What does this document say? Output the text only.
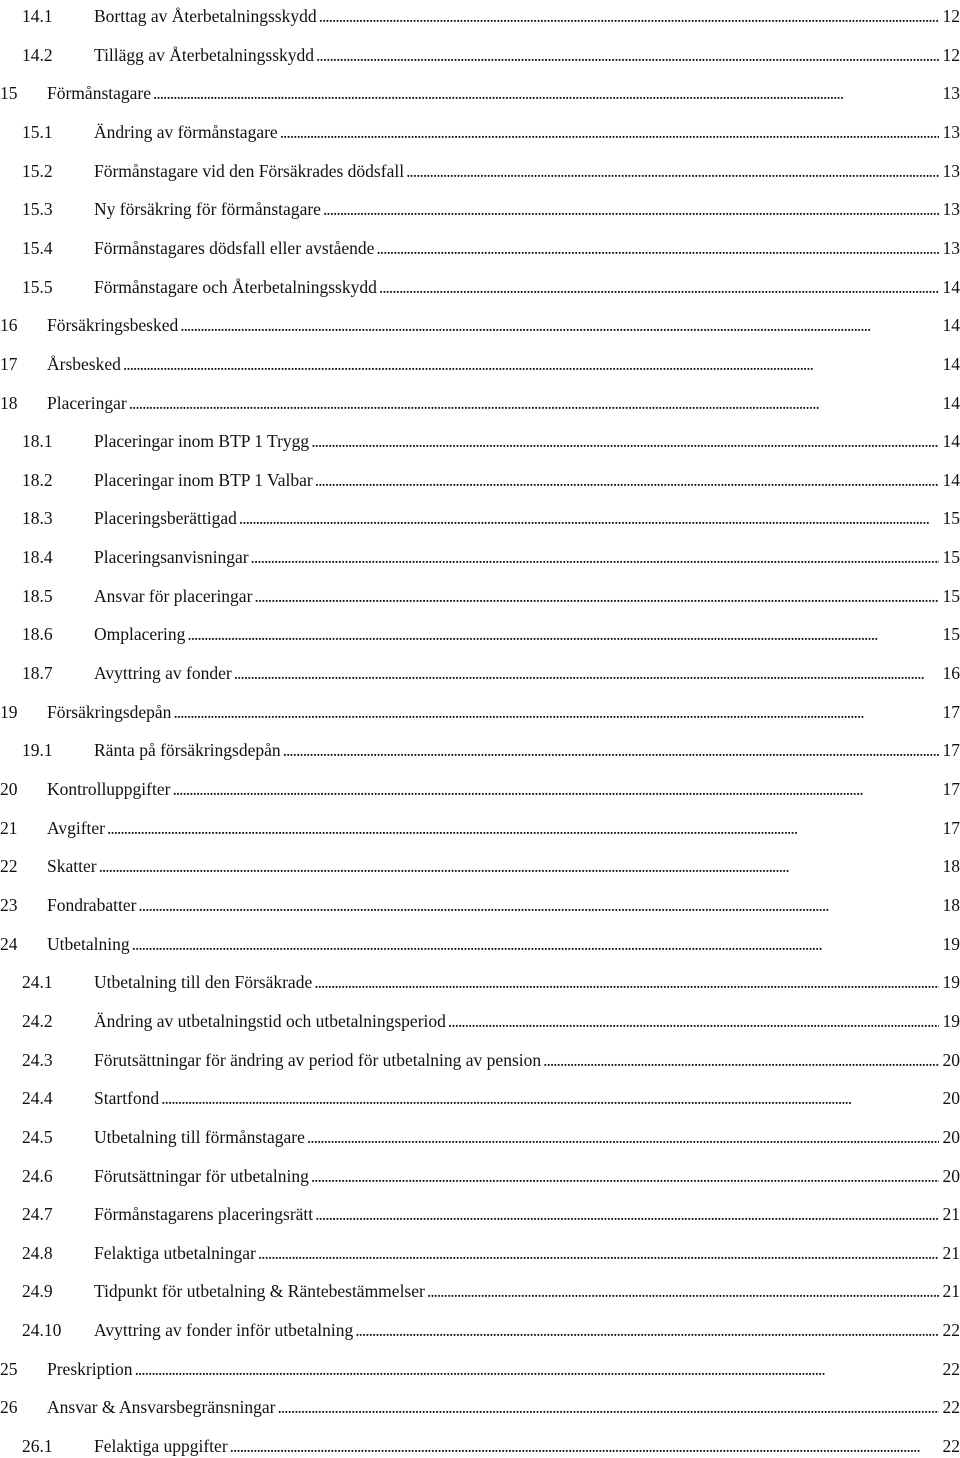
14.1 Borttag av Återbetalningsskydd . . .	12
14.2 Tillägg av Återbetalningsskydd . . .	12
15 Förmånstagare . . .	13
15.1 Ändring av förmånstagare . . .	13
15.2 Förmånstagare vid den Försäkrades dödsfall . . .	13
15.3 Ny försäkring för förmånstagare . . .	13
15.4 Förmånstagares dödsfall eller avstående . . .	13
15.5 Förmånstagare och Återbetalningsskydd . . .	14
16 Försäkringsbesked . . .	14
17 Årsbesked . . .	14
18 Placeringar . . .	14
18.1 Placeringar inom BTP 1 Trygg . . .	14
18.2 Placeringar inom BTP 1 Valbar . . .	14
18.3 Placeringsberättigad . . .	15
18.4 Placeringsanvisningar . . .	15
18.5 Ansvar för placeringar . . .	15
18.6 Omplacering . . .	15
18.7 Avyttring av fonder . . .	16
19 Försäkringsdepån . . .	17
19.1 Ränta på försäkringsdepån . . .	17
20 Kontrolluppgifter . . .	17
21 Avgifter . . .	17
22 Skatter . . .	18
23 Fondrabatter . . .	18
24 Utbetalning . . .	19
24.1 Utbetalning till den Försäkrade . . .	19
24.2 Ändring av utbetalningstid och utbetalningsperiod . . .	19
24.3 Förutsättningar för ändring av period för utbetalning av pension . . .	20
24.4 Startfond . . .	20
24.5 Utbetalning till förmånstagare . . .	20
24.6 Förutsättningar för utbetalning . . .	20
24.7 Förmånstagarens placeringsrätt . . .	21
24.8 Felaktiga utbetalningar . . .	21
24.9 Tidpunkt för utbetalning & Räntebestämmelser . . .	21
24.10 Avyttring av fonder inför utbetalning . . .	22
25 Preskription . . .	22
26 Ansvar & Ansvarsbegränsningar . . .	22
26.1 Felaktiga uppgifter . . .	22
